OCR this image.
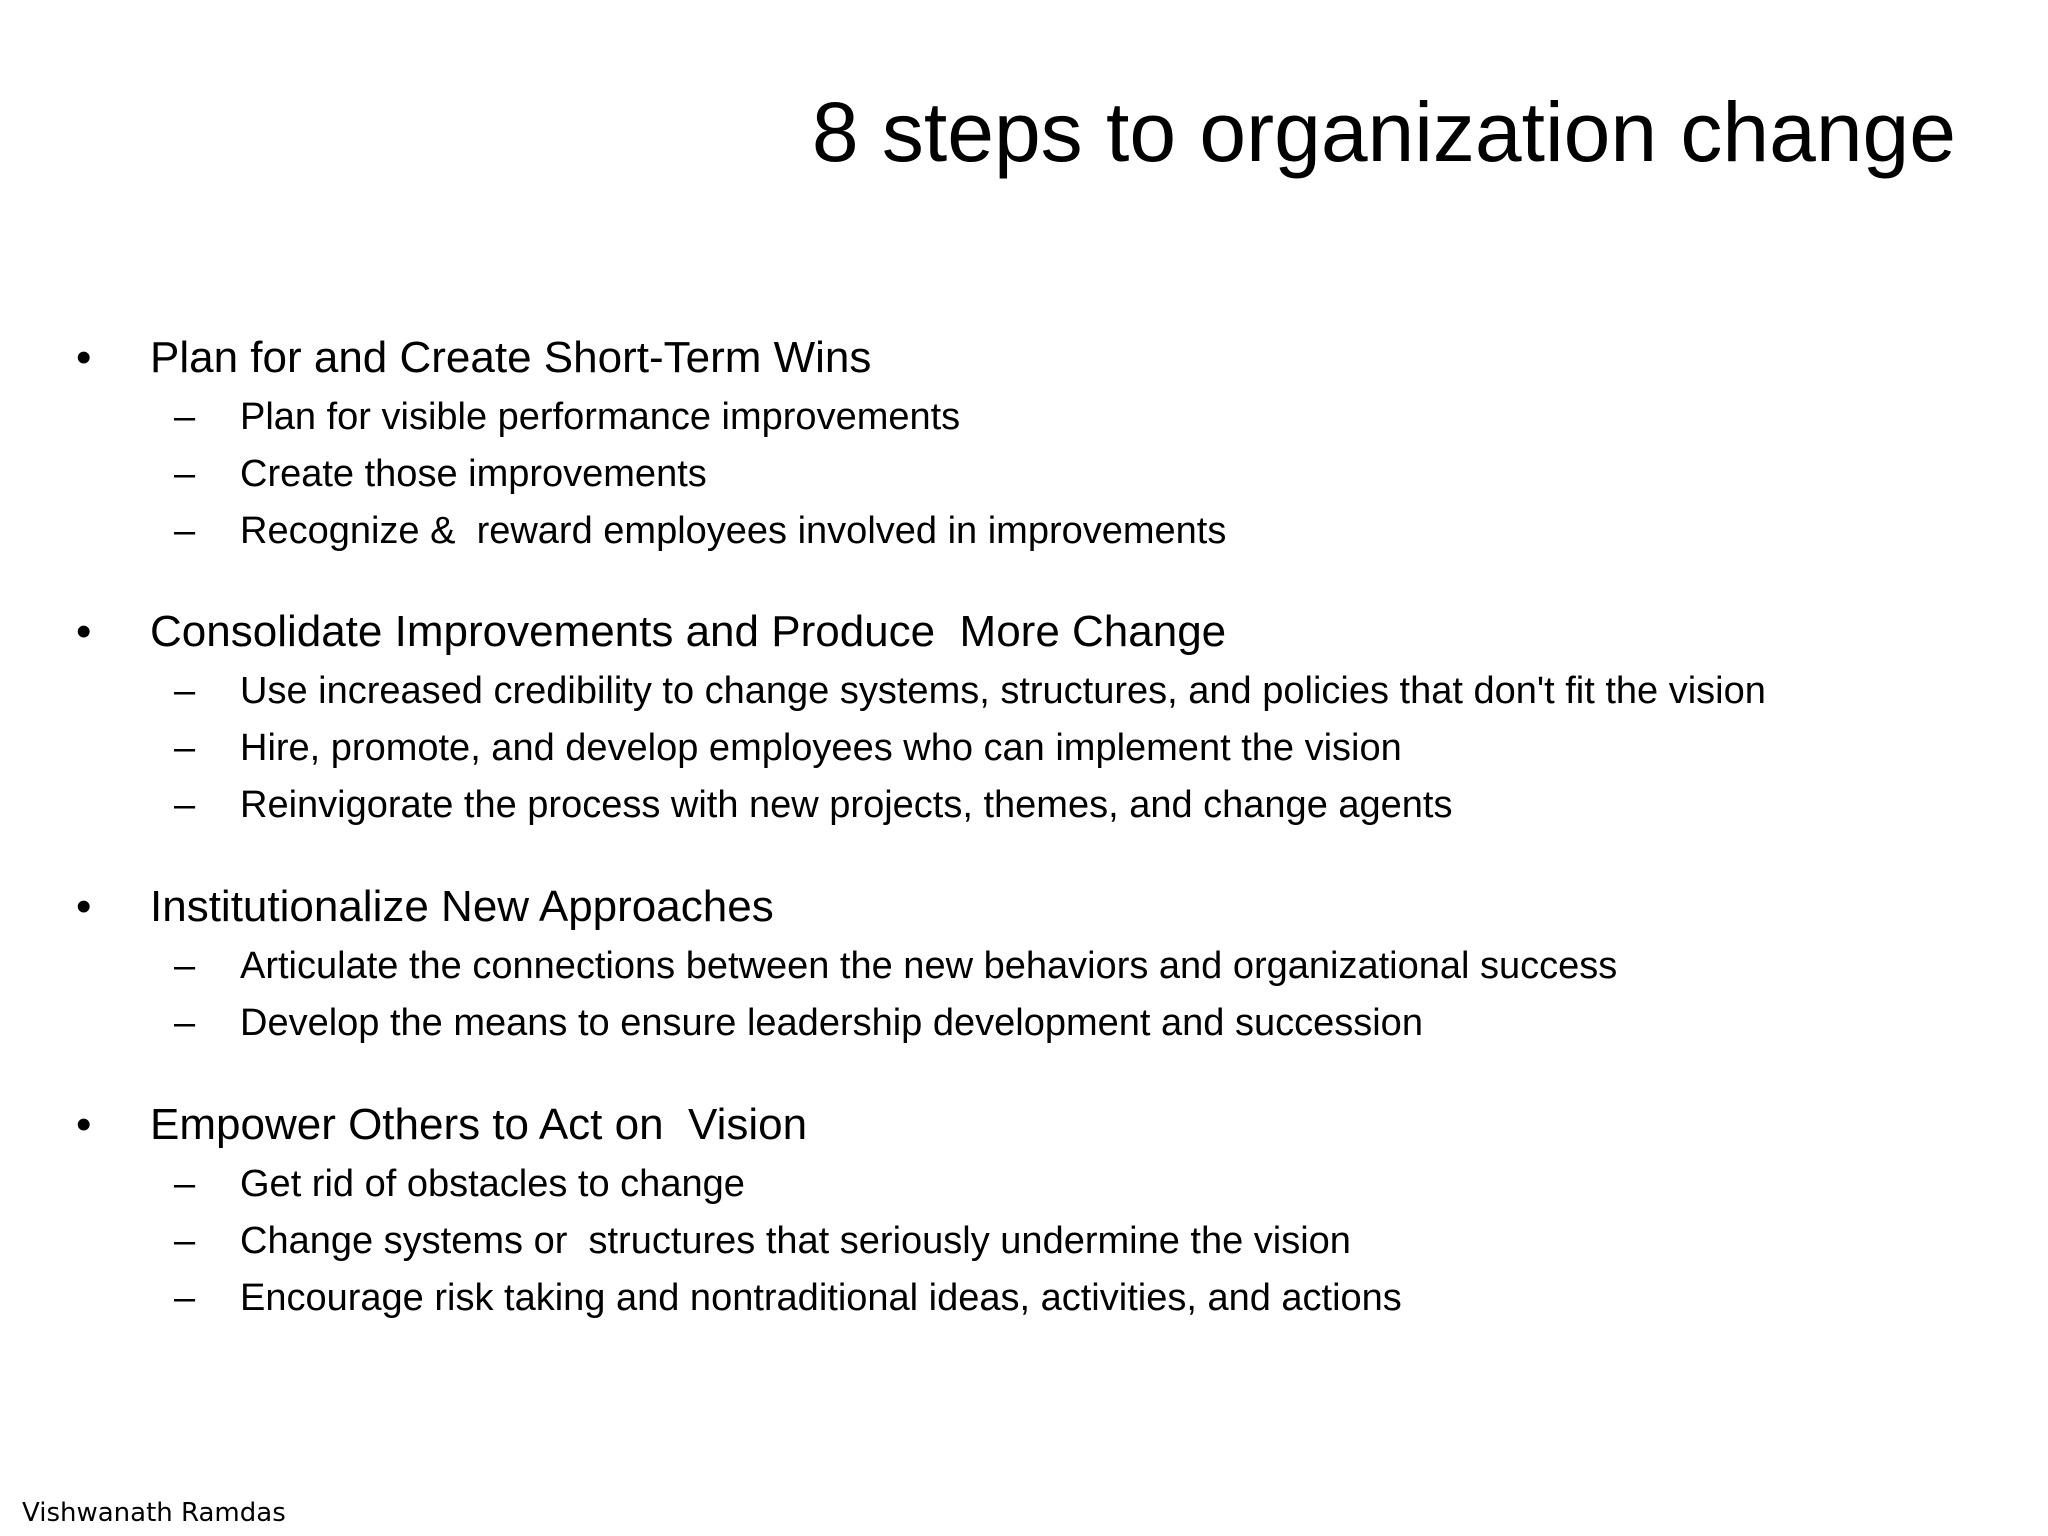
8 steps to organization change
• Plan for and Create Short-Term Wins
– Plan for visible performance improvements
– Create those improvements
– Recognize &  reward employees involved in improvements
• Consolidate Improvements and Produce  More Change
– Use increased credibility to change systems, structures, and policies that don't fit the vision
– Hire, promote, and develop employees who can implement the vision
– Reinvigorate the process with new projects, themes, and change agents
• Institutionalize New Approaches
– Articulate the connections between the new behaviors and organizational success
– Develop the means to ensure leadership development and succession
• Empower Others to Act on  Vision
– Get rid of obstacles to change
– Change systems or  structures that seriously undermine the vision
– Encourage risk taking and nontraditional ideas, activities, and actions
Vishwanath Ramdas
